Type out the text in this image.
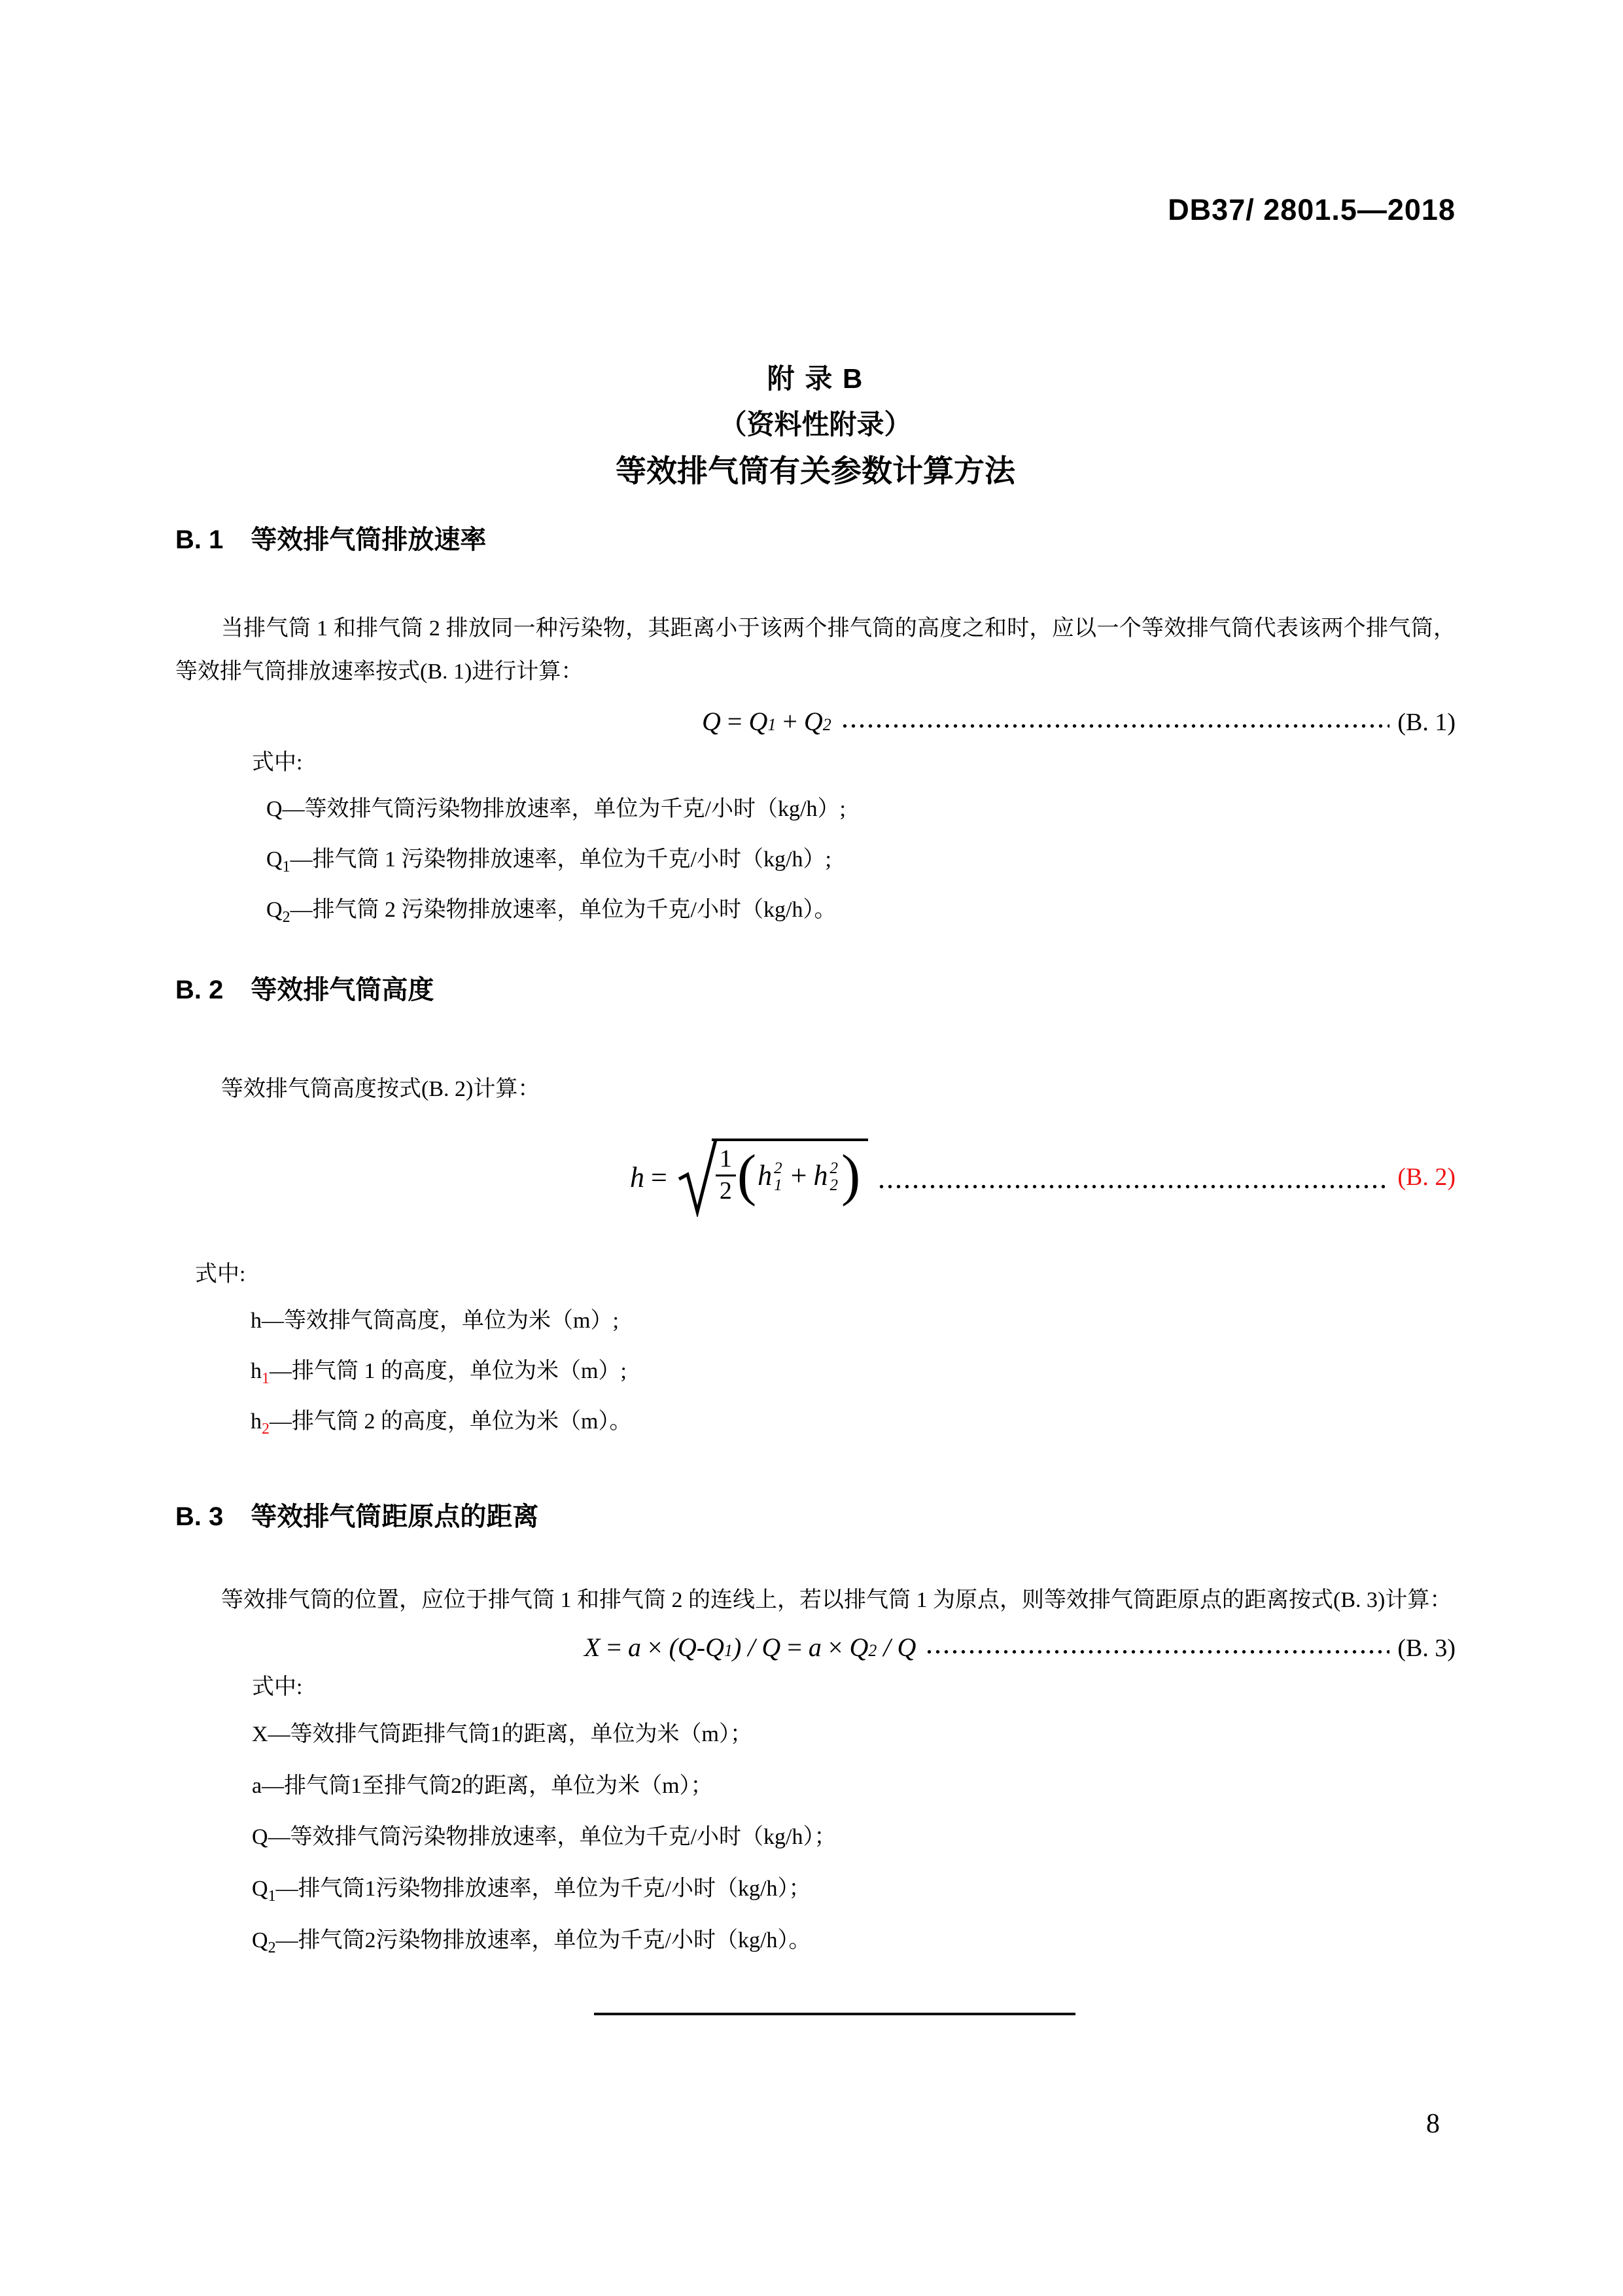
DB37/ 2801.5—2018
附 录 B
（资料性附录）
等效排气筒有关参数计算方法
B. 1 等效排气筒排放速率

当排气筒 1 和排气筒 2 排放同一种污染物，其距离小于该两个排气筒的高度之和时，应以一个等效排气筒代表该两个排气筒，等效排气筒排放速率按式(B. 1)进行计算：

Q = Q 1 + Q 2	(B. 1)
式中:
Q—等效排气筒污染物排放速率，单位为千克/小时（kg/h）;
$Q_1—$排气筒 1 污染物排放速率，单位为千克/小时（kg/h）;
$Q_2—$排气筒 2 污染物排放速率，单位为千克/小时（kg/h）。
B. 2 等效排气筒高度

等效排气筒高度按式(B. 2)计算：

$h = \frac{1}{2}$ ( h 2
1 + h 2
2 )	(B. 2)
式中:
h—等效排气筒高度，单位为米（m）;
$h_1—$排气筒 1 的高度，单位为米（m）;
$h_2—$排气筒 2 的高度，单位为米（m）。
B. 3 等效排气筒距原点的距离

等效排气筒的位置，应位于排气筒 1 和排气筒 2 的连线上，若以排气筒 1 为原点，则等效排气筒距原点的距离按式(B. 3)计算：

X = a × (Q-Q 1 ) / Q = a × Q 2 / Q	(B. 3)
式中:
X—等效排气筒距排气筒1的距离，单位为米（m）；
a—排气筒1至排气筒2的距离，单位为米（m）；
Q—等效排气筒污染物排放速率，单位为千克/小时（kg/h）；
$Q_1—$排气筒1污染物排放速率，单位为千克/小时（kg/h）；
$Q_2—$排气筒2污染物排放速率，单位为千克/小时（kg/h）。
8
